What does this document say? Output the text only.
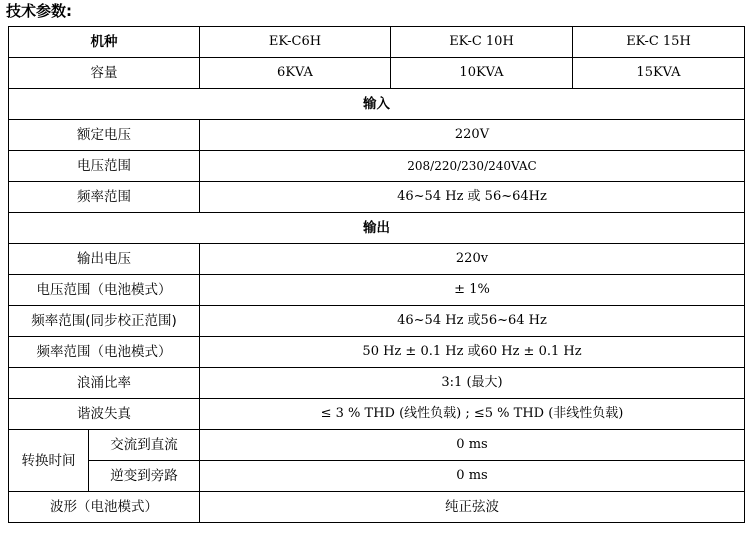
技术参数:
机种		EK-C6H	EK-C 10H	EK-C 15H
容量		6KVA	10KVA	15KVA
输入				
额定电压		220V		
电压范围		208/220/230/240VAC		
频率范围		46~54 Hz 或 56~64Hz		
输出				
输出电压		220v		
电压范围（电池模式）		± 1%		
频率范围(同步校正范围)		46~54 Hz 或56~64 Hz		
频率范围（电池模式）		50 Hz ± 0.1 Hz 或60 Hz ± 0.1 Hz		
浪涌比率		3:1 (最大)		
谐波失真		≤ 3 % THD (线性负载) ; ≤5 % THD (非线性负载)		
转换时间	交流到直流	0 ms		
	逆变到旁路	0 ms		
波形（电池模式）		纯正弦波		
